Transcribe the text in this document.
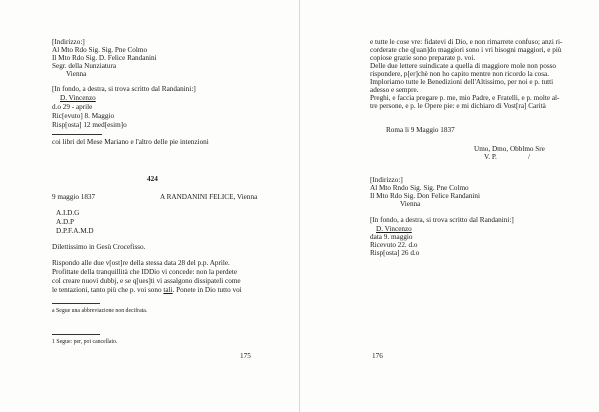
[Indirizzo:]
Al Mto Rdo Sig. Sig. Pne Colmo
Il Mto Rdo Sig. D. Felice Randanini
Segr. della Nunziatura
Vienna
[In fondo, a destra, si trova scritto dal Randanini:]
D. Vincenzo
d.o 29 - aprile
Ric[evuto] 8. Maggio
Risp[osta] 12 med[esim]o
coi libri del Mese Mariano e l'altro delle pie intenzioni
424
9 maggio 1837	A RANDANINI FELICE, Vienna
A.I.D.G
A.D.P
D.P.F.A.M.D
Dilettissimo in Gesù Crocefisso.
Rispondo alle due v[ost]re della stessa data 28 del p.p. Aprile.
Profittate della tranquillità che IDDio vi concede: non la perdete
col creare nuovi dubbj, e se q[ues]ti vi assalgono dissipateli come
le tentazioni, tanto più che p. voi sono tali. Ponete in Dio tutto voi
a Segue una abbreviazione non decifrata.
1 Segue: per, poi cancellato.
175
e tutte le cose vre: fidatevi di Dio, e non rimarrete confuso; anzi ri-
corderate che q[uan]do maggiori sono i vri bisogni maggiori, e più
copiose grazie sono preparate p. voi.
Delle due lettere suindicate a quella di maggiore mole non posso
rispondere, p[er]chè non ho capito mentre non ricordo la cosa.
Imploriamo tutte le Benedizioni dell'Altissimo, per noi e p. tutti
adesso e sempre.
Preghi, e faccia pregare p. me, mio Padre, e Fratelli, e p. molte al-
tre persone, e p. le Opere pie: e mi dichiaro di Vost[ra] Carità
Roma li 9 Maggio 1837
Umo, Dmo, Obblmo Sre
V. P.	/
[Indirizzo:]
Al Mto Rndo Sig. Sig. Pne Colmo
Il Mto Rdo Sig. Don Felice Randanini
Vienna
[In fondo, a destra, si trova scritto dal Randanini:]
D. Vincenzo
data 9. maggio
Ricevuto 22. d.o
Risp[osta] 26 d.o
176
